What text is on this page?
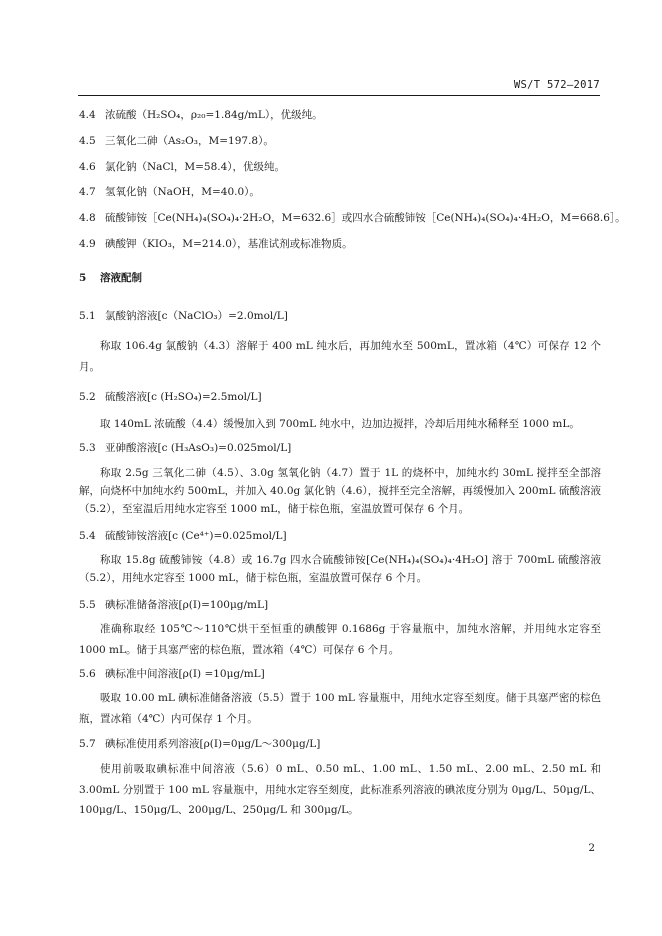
WS/T 572—2017
4.4 浓硫酸（H₂SO₄，ρ₂₀=1.84g/mL），优级纯。
4.5 三氧化二砷（As₂O₃，M=197.8）。
4.6 氯化钠（NaCl，M=58.4），优级纯。
4.7 氢氧化钠（NaOH，M=40.0）。
4.8 硫酸铈铵［Ce(NH₄)₄(SO₄)₄·2H₂O，M=632.6］或四水合硫酸铈铵［Ce(NH₄)₄(SO₄)₄·4H₂O，M=668.6］。
4.9 碘酸钾（KIO₃，M=214.0），基准试剂或标准物质。
5 溶液配制
5.1 氯酸钠溶液[c（NaClO₃）=2.0mol/L]
称取 106.4g 氯酸钠（4.3）溶解于 400 mL 纯水后，再加纯水至 500mL，置冰箱（4℃）可保存 12 个月。
5.2 硫酸溶液[c (H₂SO₄)=2.5mol/L]
取 140mL 浓硫酸（4.4）缓慢加入到 700mL 纯水中，边加边搅拌，冷却后用纯水稀释至 1000 mL。
5.3 亚砷酸溶液[c (H₃AsO₃)=0.025mol/L]
称取 2.5g 三氧化二砷（4.5）、3.0g 氢氧化钠（4.7）置于 1L 的烧杯中，加纯水约 30mL 搅拌至全部溶解，向烧杯中加纯水约 500mL，并加入 40.0g 氯化钠（4.6），搅拌至完全溶解，再缓慢加入 200mL 硫酸溶液（5.2），至室温后用纯水定容至 1000 mL，储于棕色瓶，室温放置可保存 6 个月。
5.4 硫酸铈铵溶液[c (Ce⁴⁺)=0.025mol/L]
称取 15.8g 硫酸铈铵（4.8）或 16.7g 四水合硫酸铈铵[Ce(NH₄)₄(SO₄)₄·4H₂O] 溶于 700mL 硫酸溶液（5.2），用纯水定容至 1000 mL，储于棕色瓶，室温放置可保存 6 个月。
5.5 碘标准储备溶液[ρ(I)=100μg/mL]
准确称取经 105℃～110℃烘干至恒重的碘酸钾 0.1686g 于容量瓶中，加纯水溶解，并用纯水定容至 1000 mL。储于具塞严密的棕色瓶，置冰箱（4℃）可保存 6 个月。
5.6 碘标准中间溶液[ρ(I) =10μg/mL]
吸取 10.00 mL 碘标准储备溶液（5.5）置于 100 mL 容量瓶中，用纯水定容至刻度。储于具塞严密的棕色瓶，置冰箱（4℃）内可保存 1 个月。
5.7 碘标准使用系列溶液[ρ(I)=0μg/L～300μg/L]
使用前吸取碘标准中间溶液（5.6）0 mL、0.50 mL、1.00 mL、1.50 mL、2.00 mL、2.50 mL 和 3.00mL 分别置于 100 mL 容量瓶中，用纯水定容至刻度，此标准系列溶液的碘浓度分别为 0μg/L、50μg/L、100μg/L、150μg/L、200μg/L、250μg/L 和 300μg/L。
2
